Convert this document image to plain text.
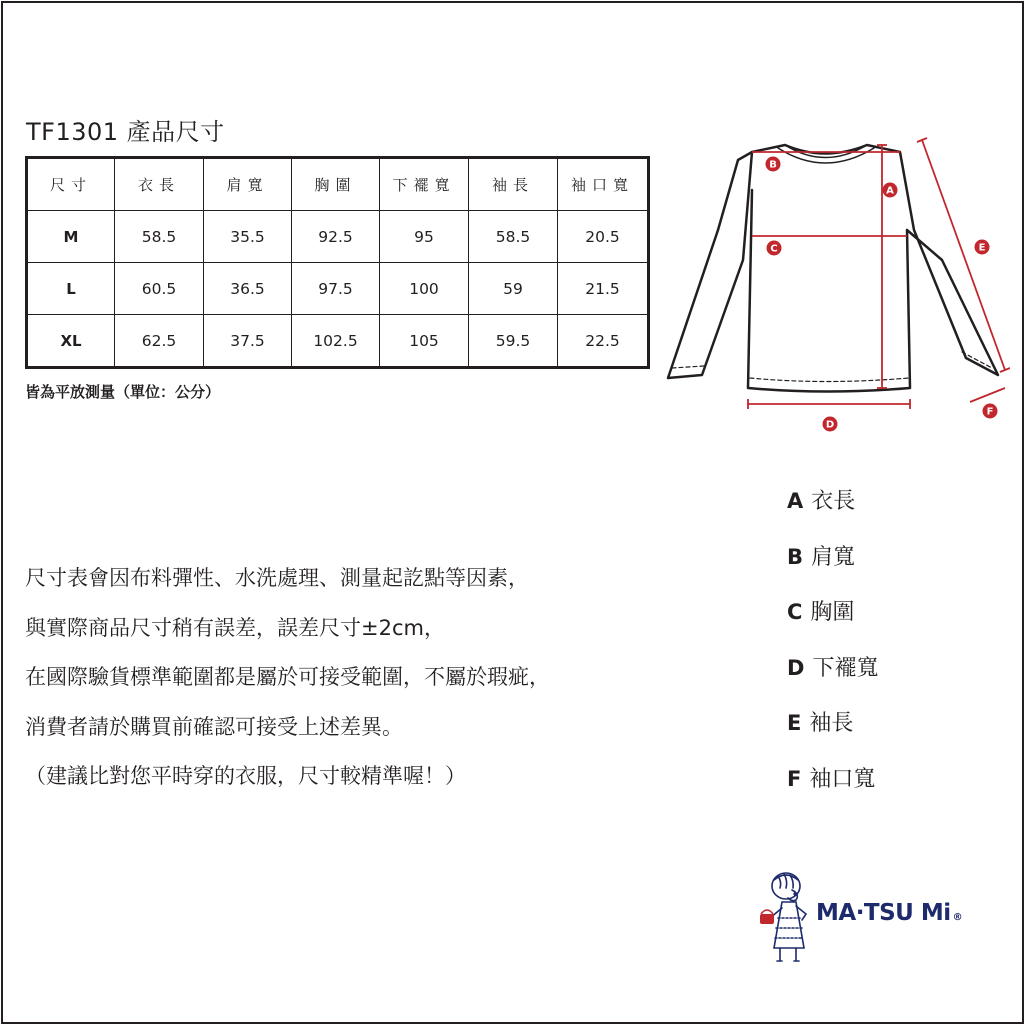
TF1301 產品尺寸
尺寸	衣長	肩寬	胸圍	下襬寬	袖長	袖口寬
M	58.5	35.5	92.5	95	58.5	20.5
L	60.5	36.5	97.5	100	59	21.5
XL	62.5	37.5	102.5	105	59.5	22.5
皆為平放測量（單位：公分）
B
A
C	E
D
F
A 衣長
B 肩寬
C 胸圍
D 下襬寬
E 袖長
F 袖口寬
尺寸表會因布料彈性、水洗處理、測量起訖點等因素，
與實際商品尺寸稍有誤差，誤差尺寸±2cm，
在國際驗貨標準範圍都是屬於可接受範圍，不屬於瑕疵，
消費者請於購買前確認可接受上述差異。
（建議比對您平時穿的衣服，尺寸較精準喔！）
MA·TSU Mi ®
